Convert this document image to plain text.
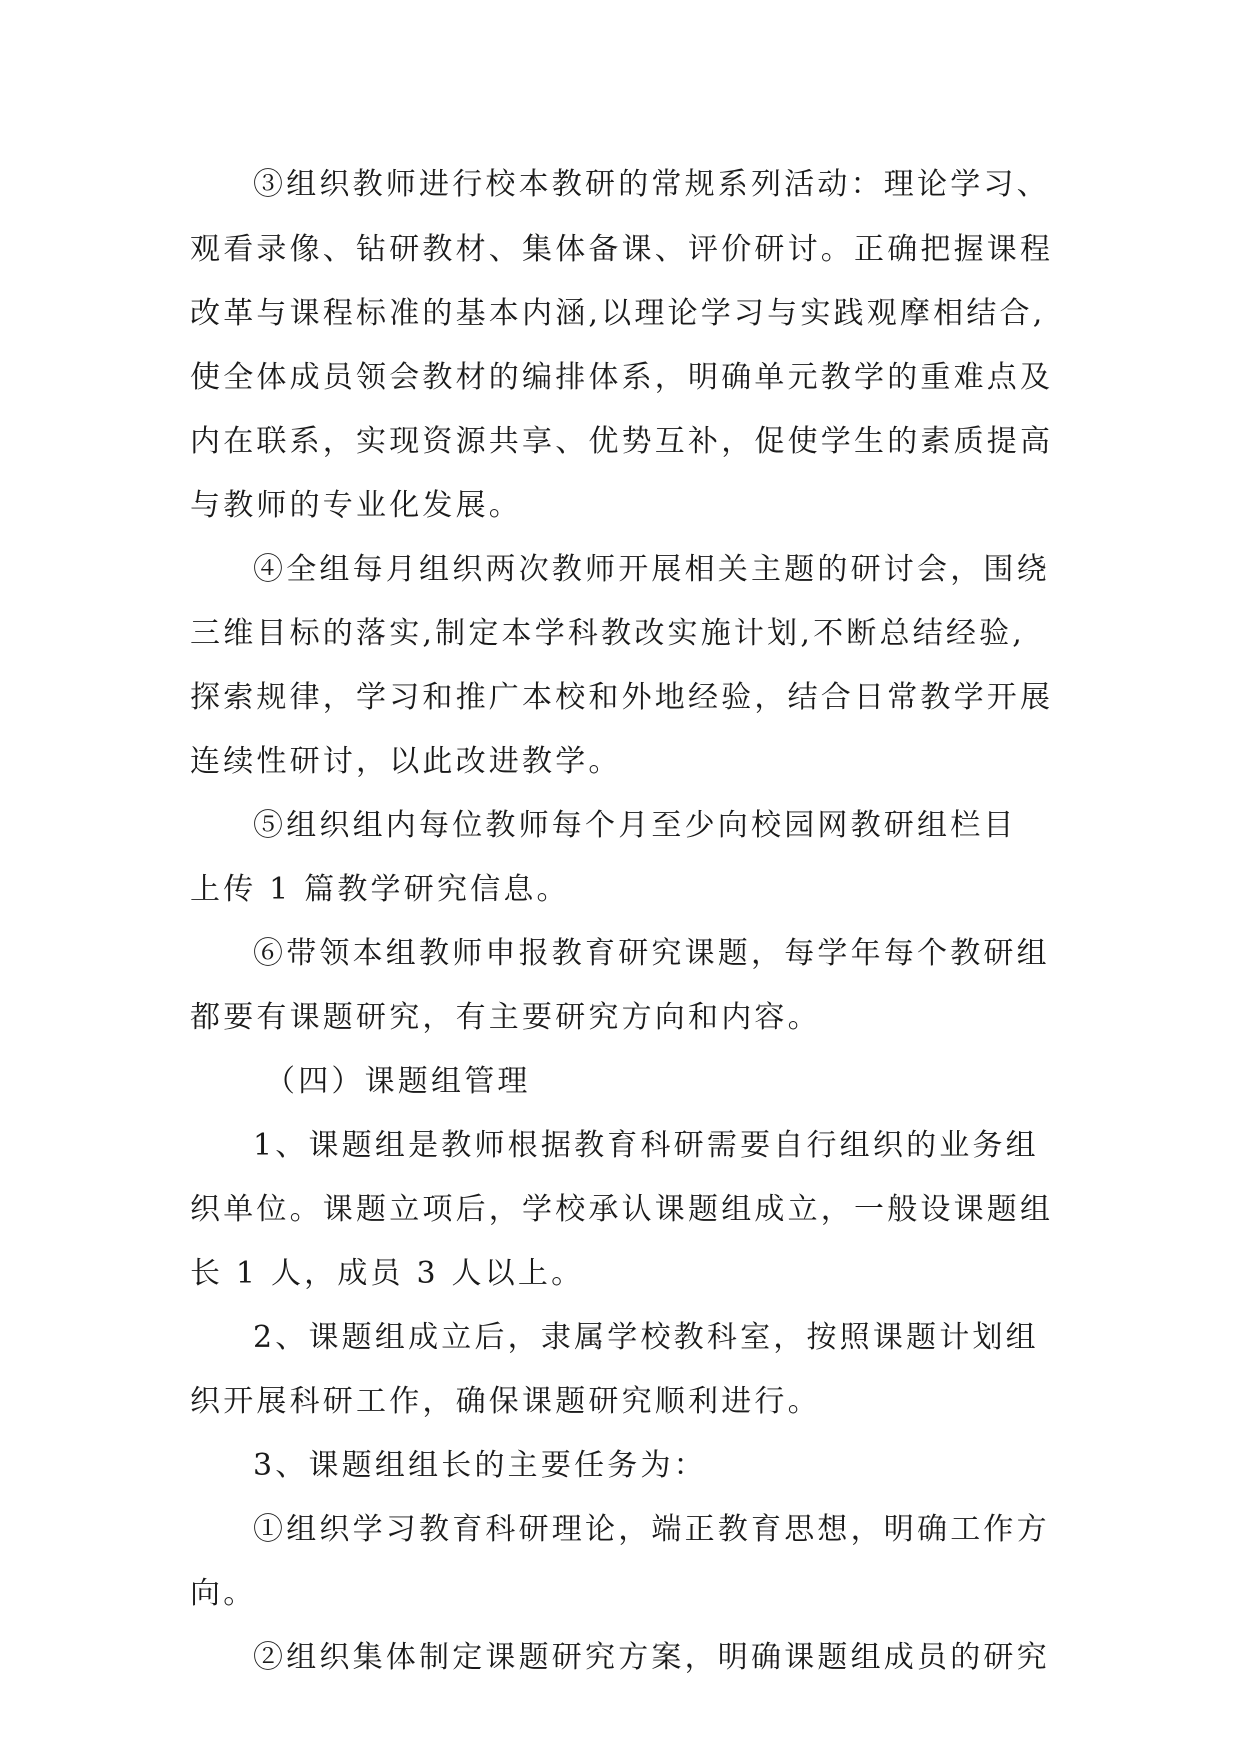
③组织教师进行校本教研的常规系列活动：理论学习、
观看录像、钻研教材、集体备课、评价研讨。正确把握课程
改革与课程标准的基本内涵,以理论学习与实践观摩相结合,
使全体成员领会教材的编排体系，明确单元教学的重难点及
内在联系，实现资源共享、优势互补，促使学生的素质提高
与教师的专业化发展。
④全组每月组织两次教师开展相关主题的研讨会，围绕
三维目标的落实,制定本学科教改实施计划,不断总结经验,
探索规律，学习和推广本校和外地经验，结合日常教学开展
连续性研讨，以此改进教学。
⑤组织组内每位教师每个月至少向校园网教研组栏目
上传 1 篇教学研究信息。
⑥带领本组教师申报教育研究课题，每学年每个教研组
都要有课题研究，有主要研究方向和内容。
（四）课题组管理
1、课题组是教师根据教育科研需要自行组织的业务组
织单位。课题立项后，学校承认课题组成立，一般设课题组
长 1 人，成员 3 人以上。
2、课题组成立后，隶属学校教科室，按照课题计划组
织开展科研工作，确保课题研究顺利进行。
3、课题组组长的主要任务为：
①组织学习教育科研理论，端正教育思想，明确工作方
向。
②组织集体制定课题研究方案，明确课题组成员的研究
